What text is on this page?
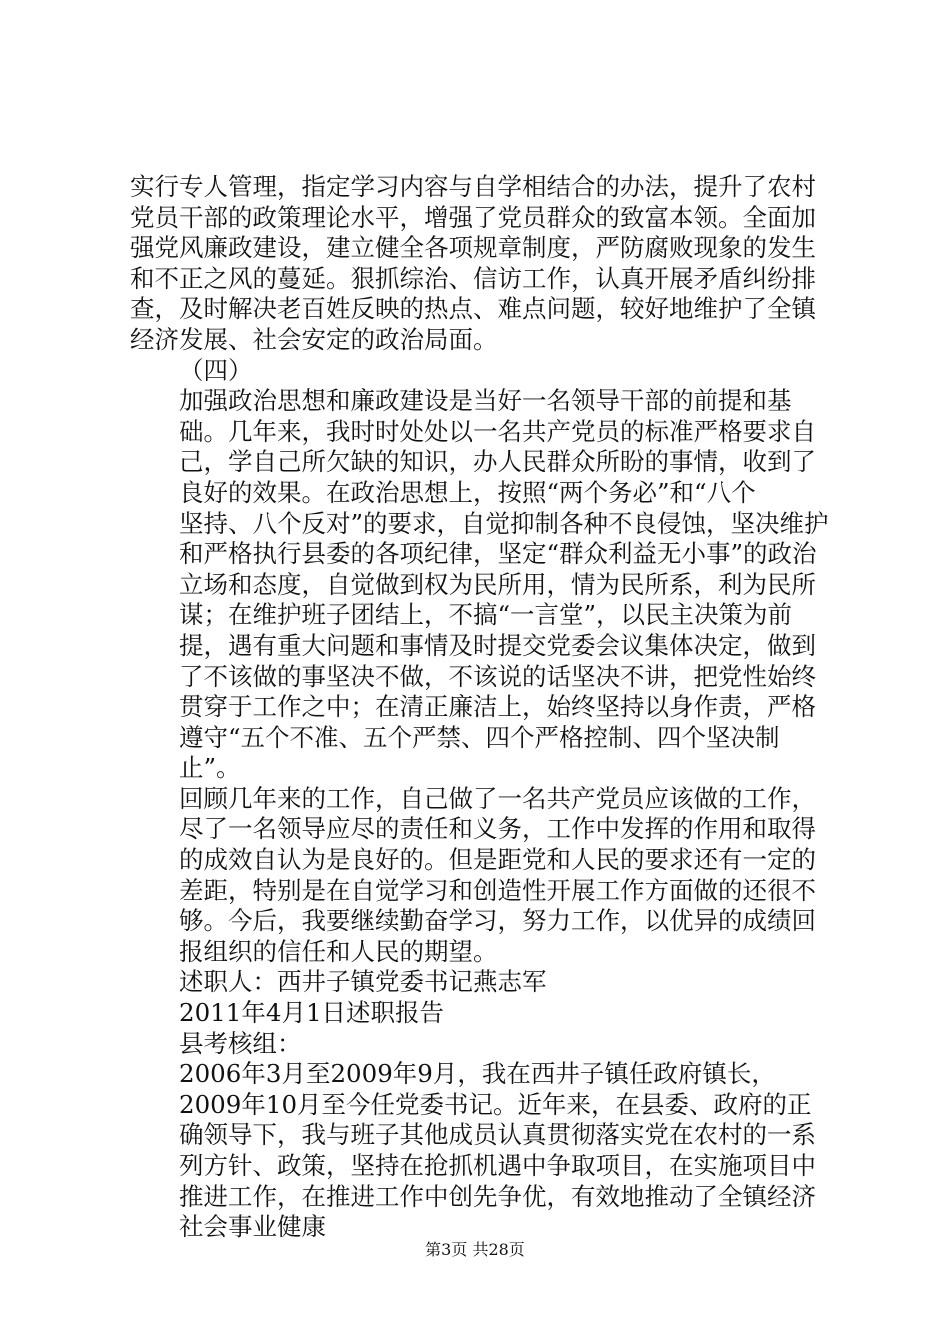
实行专人管理，指定学习内容与自学相结合的办法，提升了农村党员干部的政策理论水平，增强了党员群众的致富本领。全面加强党风廉政建设，建立健全各项规章制度，严防腐败现象的发生和不正之风的蔓延。狠抓综治、信访工作，认真开展矛盾纠纷排查，及时解决老百姓反映的热点、难点问题，较好地维护了全镇经济发展、社会安定的政治局面。

（四）

加强政治思想和廉政建设是当好一名领导干部的前提和基础。几年来，我时时处处以一名共产党员的标准严格要求自己，学自己所欠缺的知识，办人民群众所盼的事情，收到了良好的效果。在政治思想上，按照“两个务必”和“八个

坚持、八个反对”的要求，自觉抑制各种不良侵蚀，坚决维护和严格执行县委的各项纪律，坚定“群众利益无小事”的政治立场和态度，自觉做到权为民所用，情为民所系，利为民所谋；在维护班子团结上，不搞“一言堂”，以民主决策为前提，遇有重大问题和事情及时提交党委会议集体决定，做到了不该做的事坚决不做，不该说的话坚决不讲，把党性始终贯穿于工作之中；在清正廉洁上，始终坚持以身作责，严格遵守“五个不准、五个严禁、四个严格控制、四个坚决制止”。

回顾几年来的工作，自己做了一名共产党员应该做的工作，尽了一名领导应尽的责任和义务，工作中发挥的作用和取得的成效自认为是良好的。但是距党和人民的要求还有一定的差距，特别是在自觉学习和创造性开展工作方面做的还很不够。今后，我要继续勤奋学习，努力工作，以优异的成绩回报组织的信任和人民的期望。

述职人：西井子镇党委书记燕志军

2011年4月1日述职报告

县考核组：

2006年3月至2009年9月，我在西井子镇任政府镇长，2009年10月至今任党委书记。近年来，在县委、政府的正确领导下，我与班子其他成员认真贯彻落实党在农村的一系列方针、政策，坚持在抢抓机遇中争取项目，在实施项目中推进工作，在推进工作中创先争优，有效地推动了全镇经济社会事业健康

第3页 共28页
